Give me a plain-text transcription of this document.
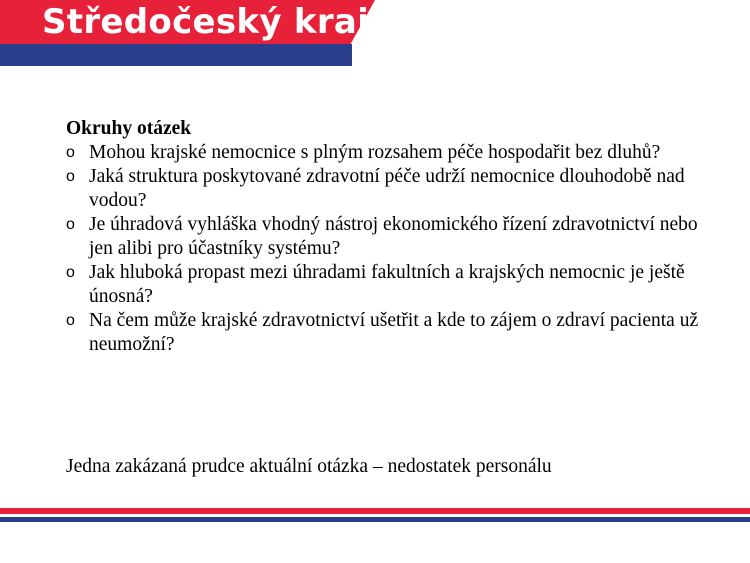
Středočeský kraj

Okruhy otázek

o Mohou krajské nemocnice s plným rozsahem péče hospodařit bez dluhů?
o Jaká struktura poskytované zdravotní péče udrží nemocnice dlouhodobě nad vodou?
o Je úhradová vyhláška vhodný nástroj ekonomického řízení zdravotnictví nebo jen alibi pro účastníky systému?
o Jak hluboká propast mezi úhradami fakultních a krajských nemocnic je ještě únosná?
o Na čem může krajské zdravotnictví ušetřit a kde to zájem o zdraví pacienta už neumožní?
Jedna zakázaná prudce aktuální otázka – nedostatek personálu
